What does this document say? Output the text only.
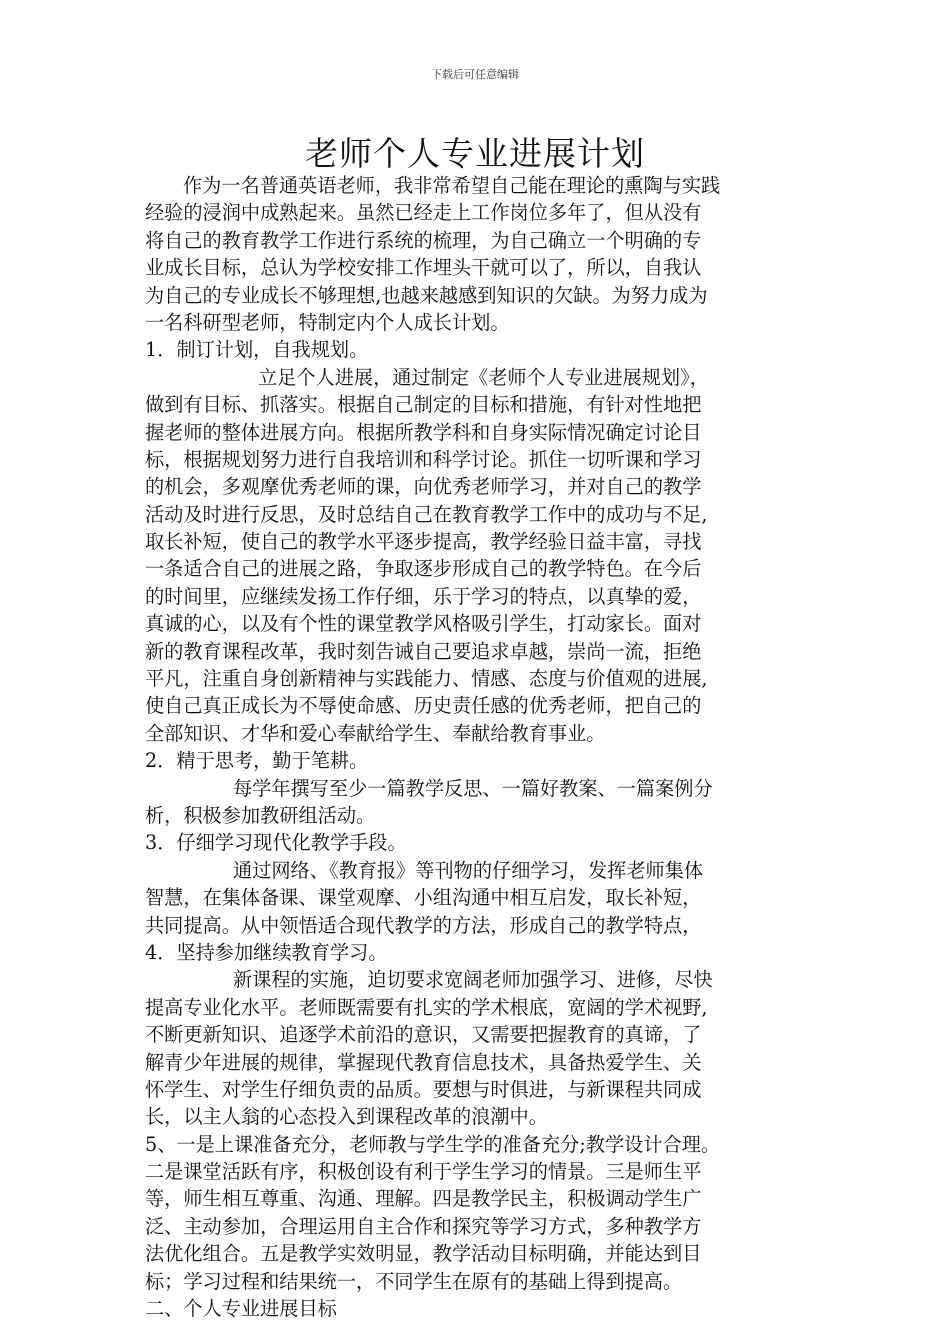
下载后可任意编辑
老师个人专业进展计划
作为一名普通英语老师，我非常希望自己能在理论的熏陶与实践
经验的浸润中成熟起来。虽然已经走上工作岗位多年了，但从没有
将自己的教育教学工作进行系统的梳理，为自己确立一个明确的专
业成长目标，总认为学校安排工作埋头干就可以了，所以，自我认
为自己的专业成长不够理想,也越来越感到知识的欠缺。为努力成为
一名科研型老师，特制定内个人成长计划。
1．制订计划，自我规划。
立足个人进展，通过制定《老师个人专业进展规划》，
做到有目标、抓落实。根据自己制定的目标和措施，有针对性地把
握老师的整体进展方向。根据所教学科和自身实际情况确定讨论目
标，根据规划努力进行自我培训和科学讨论。抓住一切听课和学习
的机会，多观摩优秀老师的课，向优秀老师学习，并对自己的教学
活动及时进行反思，及时总结自己在教育教学工作中的成功与不足,
取长补短，使自己的教学水平逐步提高，教学经验日益丰富，寻找
一条适合自己的进展之路，争取逐步形成自己的教学特色。在今后
的时间里，应继续发扬工作仔细，乐于学习的特点，以真挚的爱，
真诚的心，以及有个性的课堂教学风格吸引学生，打动家长。面对
新的教育课程改革，我时刻告诫自己要追求卓越，崇尚一流，拒绝
平凡，注重自身创新精神与实践能力、情感、态度与价值观的进展,
使自己真正成长为不辱使命感、历史责任感的优秀老师，把自己的
全部知识、才华和爱心奉献给学生、奉献给教育事业。
2．精于思考，勤于笔耕。
每学年撰写至少一篇教学反思、一篇好教案、一篇案例分
析，积极参加教研组活动。
3．仔细学习现代化教学手段。
通过网络、《教育报》等刊物的仔细学习，发挥老师集体
智慧，在集体备课、课堂观摩、小组沟通中相互启发，取长补短，
共同提高。从中领悟适合现代教学的方法，形成自己的教学特点，
4．坚持参加继续教育学习。
新课程的实施，迫切要求宽阔老师加强学习、进修，尽快
提高专业化水平。老师既需要有扎实的学术根底，宽阔的学术视野,
不断更新知识、追逐学术前沿的意识，又需要把握教育的真谛，了
解青少年进展的规律，掌握现代教育信息技术，具备热爱学生、关
怀学生、对学生仔细负责的品质。要想与时俱进，与新课程共同成
长，以主人翁的心态投入到课程改革的浪潮中。
5、一是上课准备充分，老师教与学生学的准备充分;教学设计合理。
二是课堂活跃有序，积极创设有利于学生学习的情景。三是师生平
等，师生相互尊重、沟通、理解。四是教学民主，积极调动学生广
泛、主动参加，合理运用自主合作和探究等学习方式，多种教学方
法优化组合。五是教学实效明显，教学活动目标明确，并能达到目
标；学习过程和结果统一，不同学生在原有的基础上得到提高。
二、个人专业进展目标
